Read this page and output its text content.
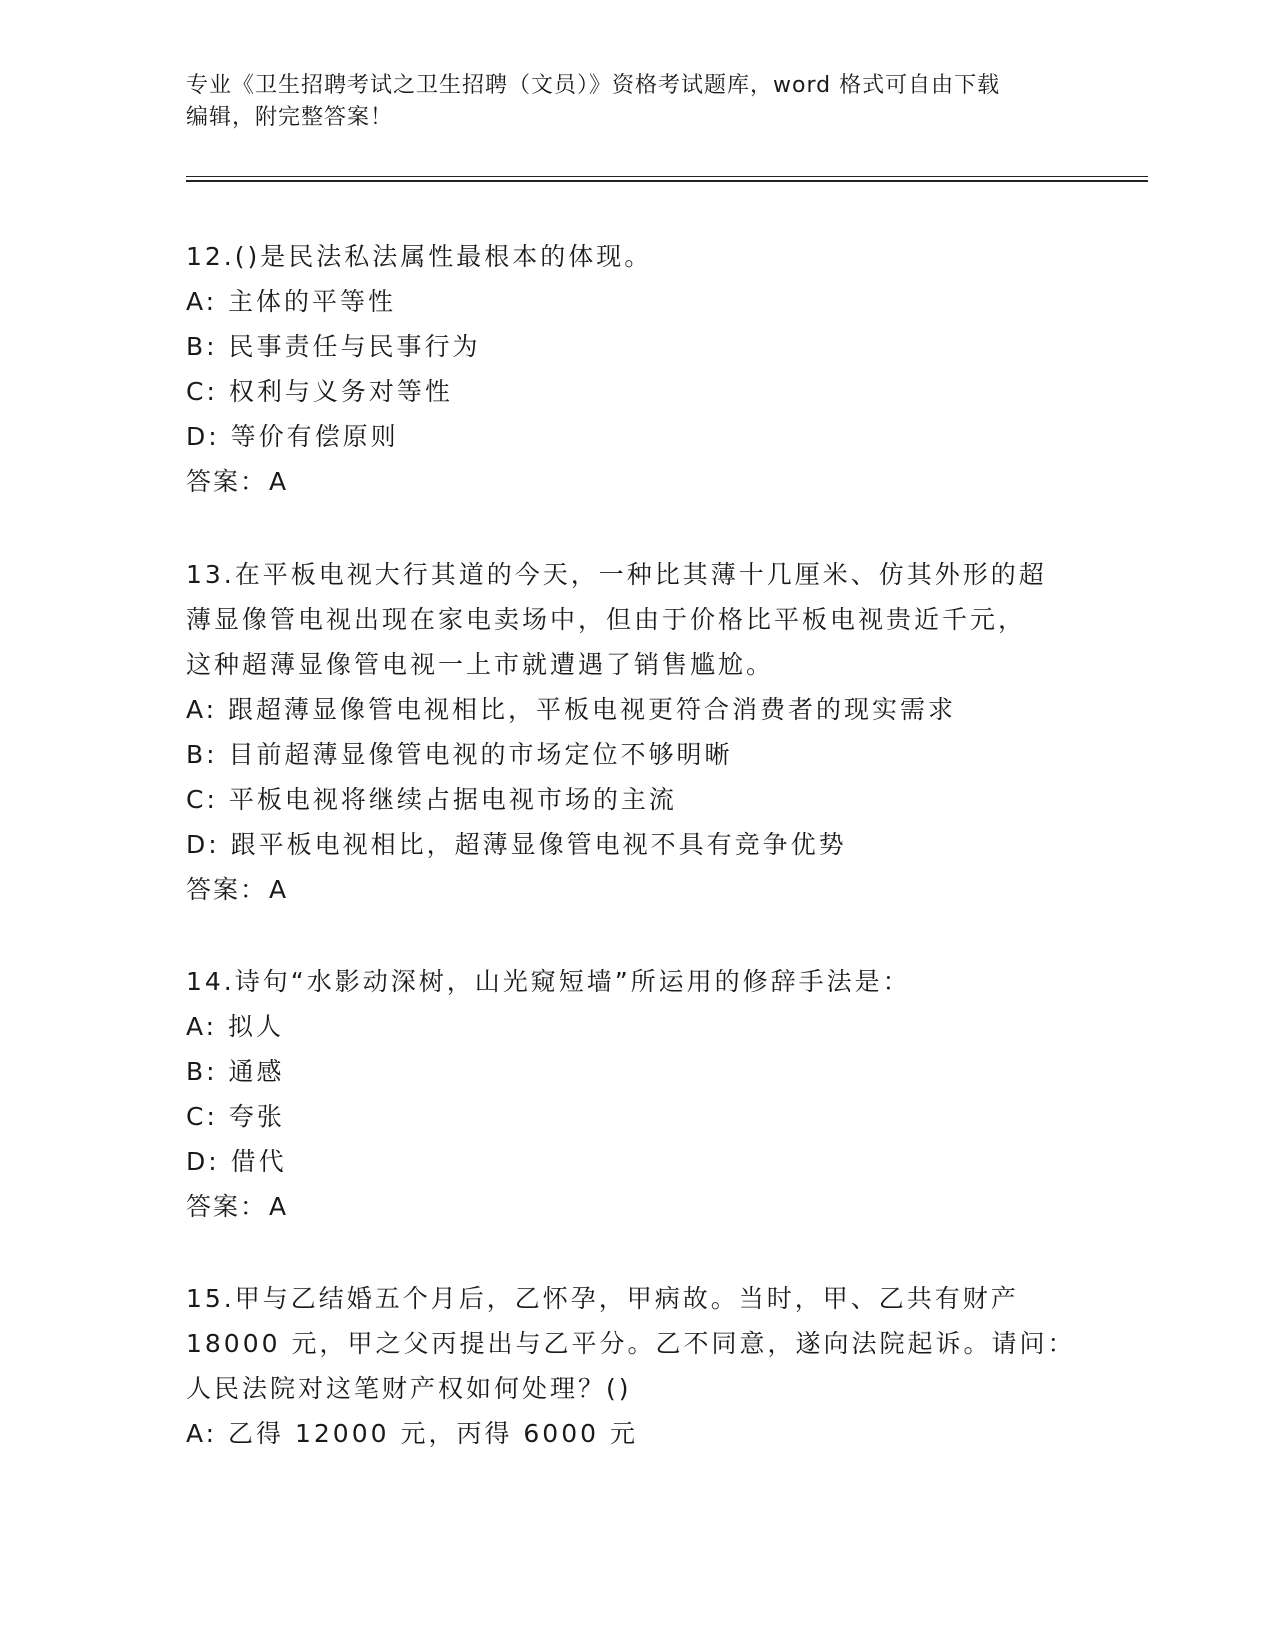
专业《卫生招聘考试之卫生招聘（文员）》资格考试题库，word 格式可自由下载
编辑，附完整答案！
12.()是民法私法属性最根本的体现。
A: 主体的平等性
B: 民事责任与民事行为
C: 权利与义务对等性
D: 等价有偿原则
答案：A
13.在平板电视大行其道的今天，一种比其薄十几厘米、仿其外形的超
薄显像管电视出现在家电卖场中，但由于价格比平板电视贵近千元，
这种超薄显像管电视一上市就遭遇了销售尴尬。
A: 跟超薄显像管电视相比，平板电视更符合消费者的现实需求
B: 目前超薄显像管电视的市场定位不够明晰
C: 平板电视将继续占据电视市场的主流
D: 跟平板电视相比，超薄显像管电视不具有竞争优势
答案：A
14.诗句“水影动深树，山光窥短墙”所运用的修辞手法是：
A: 拟人
B: 通感
C: 夸张
D: 借代
答案：A
15.甲与乙结婚五个月后，乙怀孕，甲病故。当时，甲、乙共有财产
18000 元，甲之父丙提出与乙平分。乙不同意，遂向法院起诉。请问：
人民法院对这笔财产权如何处理？()
A: 乙得 12000 元，丙得 6000 元
